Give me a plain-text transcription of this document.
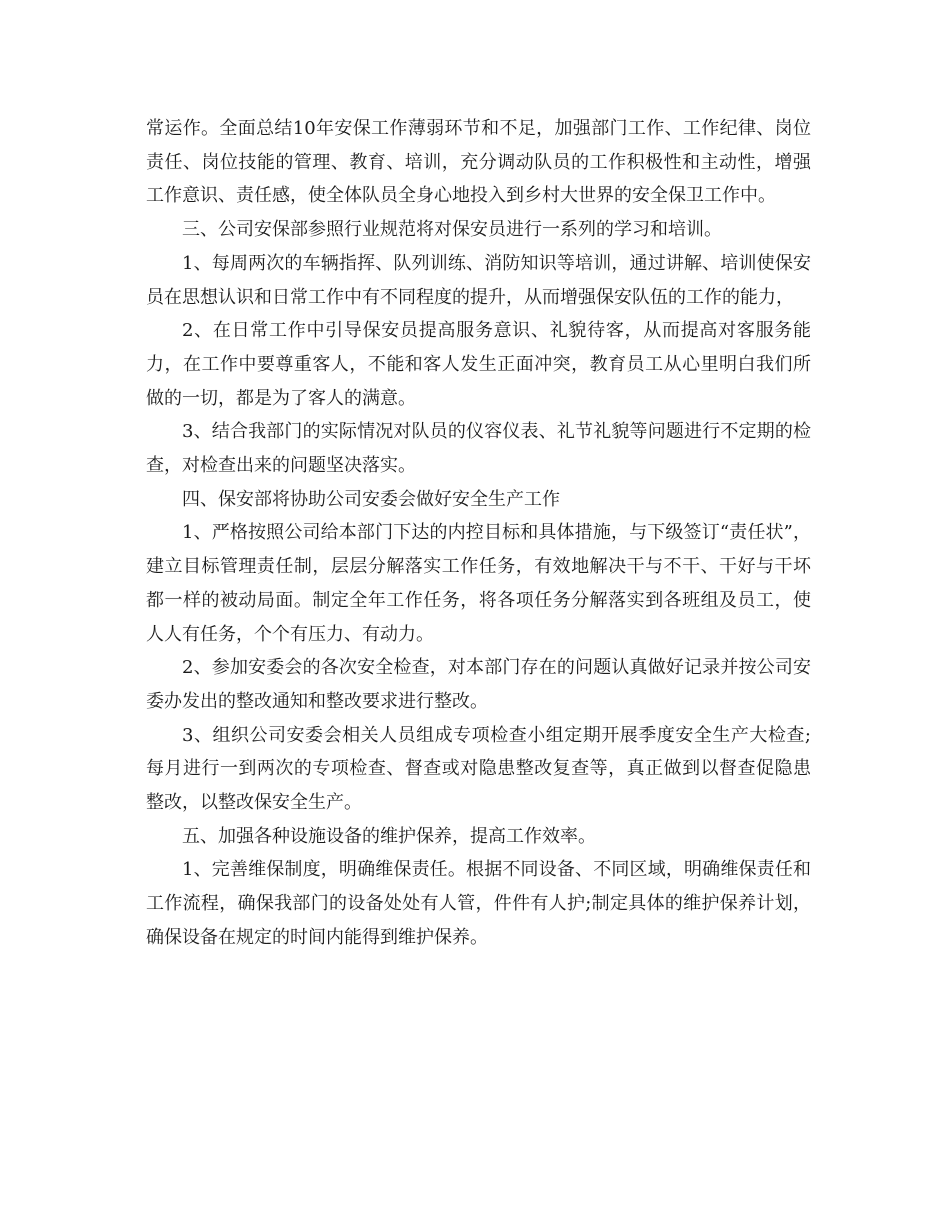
常运作。全面总结10年安保工作薄弱环节和不足，加强部门工作、工作纪律、岗位责任、岗位技能的管理、教育、培训，充分调动队员的工作积极性和主动性，增强工作意识、责任感，使全体队员全身心地投入到乡村大世界的安全保卫工作中。

三、公司安保部参照行业规范将对保安员进行一系列的学习和培训。

1、每周两次的车辆指挥、队列训练、消防知识等培训，通过讲解、培训使保安员在思想认识和日常工作中有不同程度的提升，从而增强保安队伍的工作的能力，

2、在日常工作中引导保安员提高服务意识、礼貌待客，从而提高对客服务能力，在工作中要尊重客人，不能和客人发生正面冲突，教育员工从心里明白我们所做的一切，都是为了客人的满意。

3、结合我部门的实际情况对队员的仪容仪表、礼节礼貌等问题进行不定期的检查，对检查出来的问题坚决落实。

四、保安部将协助公司安委会做好安全生产工作

1、严格按照公司给本部门下达的内控目标和具体措施，与下级签订“责任状”，建立目标管理责任制，层层分解落实工作任务，有效地解决干与不干、干好与干坏都一样的被动局面。制定全年工作任务，将各项任务分解落实到各班组及员工，使人人有任务，个个有压力、有动力。

2、参加安委会的各次安全检查，对本部门存在的问题认真做好记录并按公司安委办发出的整改通知和整改要求进行整改。

3、组织公司安委会相关人员组成专项检查小组定期开展季度安全生产大检查;每月进行一到两次的专项检查、督查或对隐患整改复查等，真正做到以督查促隐患整改，以整改保安全生产。

五、加强各种设施设备的维护保养，提高工作效率。

1、完善维保制度，明确维保责任。根据不同设备、不同区域，明确维保责任和工作流程，确保我部门的设备处处有人管，件件有人护;制定具体的维护保养计划，确保设备在规定的时间内能得到维护保养。
